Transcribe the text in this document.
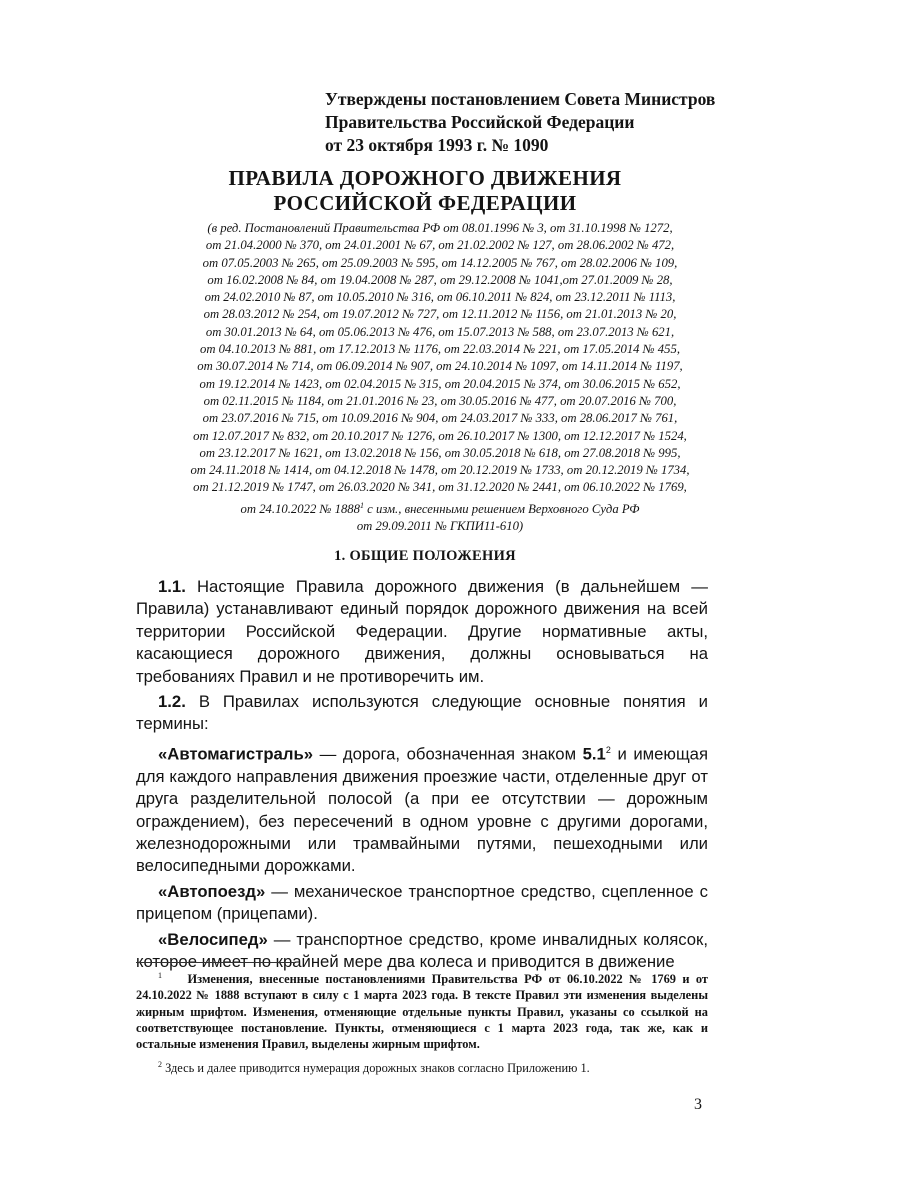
Утверждены постановлением Совета Министров
Правительства Российской Федерации
от 23 октября 1993 г. № 1090
ПРАВИЛА ДОРОЖНОГО ДВИЖЕНИЯ
РОССИЙСКОЙ ФЕДЕРАЦИИ
(в ред. Постановлений Правительства РФ от 08.01.1996 № 3, от 31.10.1998 № 1272,
от 21.04.2000 № 370, от 24.01.2001 № 67, от 21.02.2002 № 127, от 28.06.2002 № 472,
от 07.05.2003 № 265, от 25.09.2003 № 595, от 14.12.2005 № 767, от 28.02.2006 № 109,
от 16.02.2008 № 84, от 19.04.2008 № 287, от 29.12.2008 № 1041,от 27.01.2009 № 28,
от 24.02.2010 № 87, от 10.05.2010 № 316, от 06.10.2011 № 824, от 23.12.2011 № 1113,
от 28.03.2012 № 254, от 19.07.2012 № 727, от 12.11.2012 № 1156, от 21.01.2013 № 20,
от 30.01.2013 № 64, от 05.06.2013 № 476, от 15.07.2013 № 588, от 23.07.2013 № 621,
от 04.10.2013 № 881, от 17.12.2013 № 1176, от 22.03.2014 № 221, от 17.05.2014 № 455,
от 30.07.2014 № 714, от 06.09.2014 № 907, от 24.10.2014 № 1097, от 14.11.2014 № 1197,
от 19.12.2014 № 1423, от 02.04.2015 № 315, от 20.04.2015 № 374, от 30.06.2015 № 652,
от 02.11.2015 № 1184, от 21.01.2016 № 23, от 30.05.2016 № 477, от 20.07.2016 № 700,
от 23.07.2016 № 715, от 10.09.2016 № 904, от 24.03.2017 № 333, от 28.06.2017 № 761,
от 12.07.2017 № 832, от 20.10.2017 № 1276, от 26.10.2017 № 1300, от 12.12.2017 № 1524,
от 23.12.2017 № 1621, от 13.02.2018 № 156, от 30.05.2018 № 618, от 27.08.2018 № 995,
от 24.11.2018 № 1414, от 04.12.2018 № 1478, от 20.12.2019 № 1733, от 20.12.2019 № 1734,
от 21.12.2019 № 1747, от 26.03.2020 № 341, от 31.12.2020 № 2441, от 06.10.2022 № 1769,
от 24.10.2022 № 1888$^1$ с изм., внесенными решением Верховного Суда РФ
от 29.09.2011 № ГКПИ11-610)
1. ОБЩИЕ ПОЛОЖЕНИЯ

1.1. Настоящие Правила дорожного движения (в дальнейшем — Правила) устанавливают единый порядок дорожного движения на всей территории Российской Федерации. Другие нормативные акты, касающиеся дорожного движения, должны основываться на требованиях Правил и не противоречить им.

1.2. В Правилах используются следующие основные понятия и термины:

«Автомагистраль» — дорога, обозначенная знаком $5.1^2$ и имеющая для каждого направления движения проезжие части, отделенные друг от друга разделительной полосой (а при ее отсутствии — дорожным ограждением), без пересечений в одном уровне с другими дорогами, железнодорожными или трамвайными путями, пешеходными или велосипедными дорожками.

«Автопоезд» — механическое транспортное средство, сцепленное с прицепом (прицепами).

«Велосипед» — транспортное средство, кроме инвалидных колясок, которое имеет по крайней мере два колеса и приводится в движение

$^1$ Изменения, внесенные постановлениями Правительства РФ от 06.10.2022 № 1769 и от 24.10.2022 № 1888 вступают в силу с 1 марта 2023 года. В тексте Правил эти изменения выделены жирным шрифтом. Изменения, отменяющие отдельные пункты Правил, указаны со ссылкой на соответствующее постановление. Пункты, отменяющиеся с 1 марта 2023 года, так же, как и остальные изменения Правил, выделены жирным шрифтом.

$^2$ Здесь и далее приводится нумерация дорожных знаков согласно Приложению 1.

3
